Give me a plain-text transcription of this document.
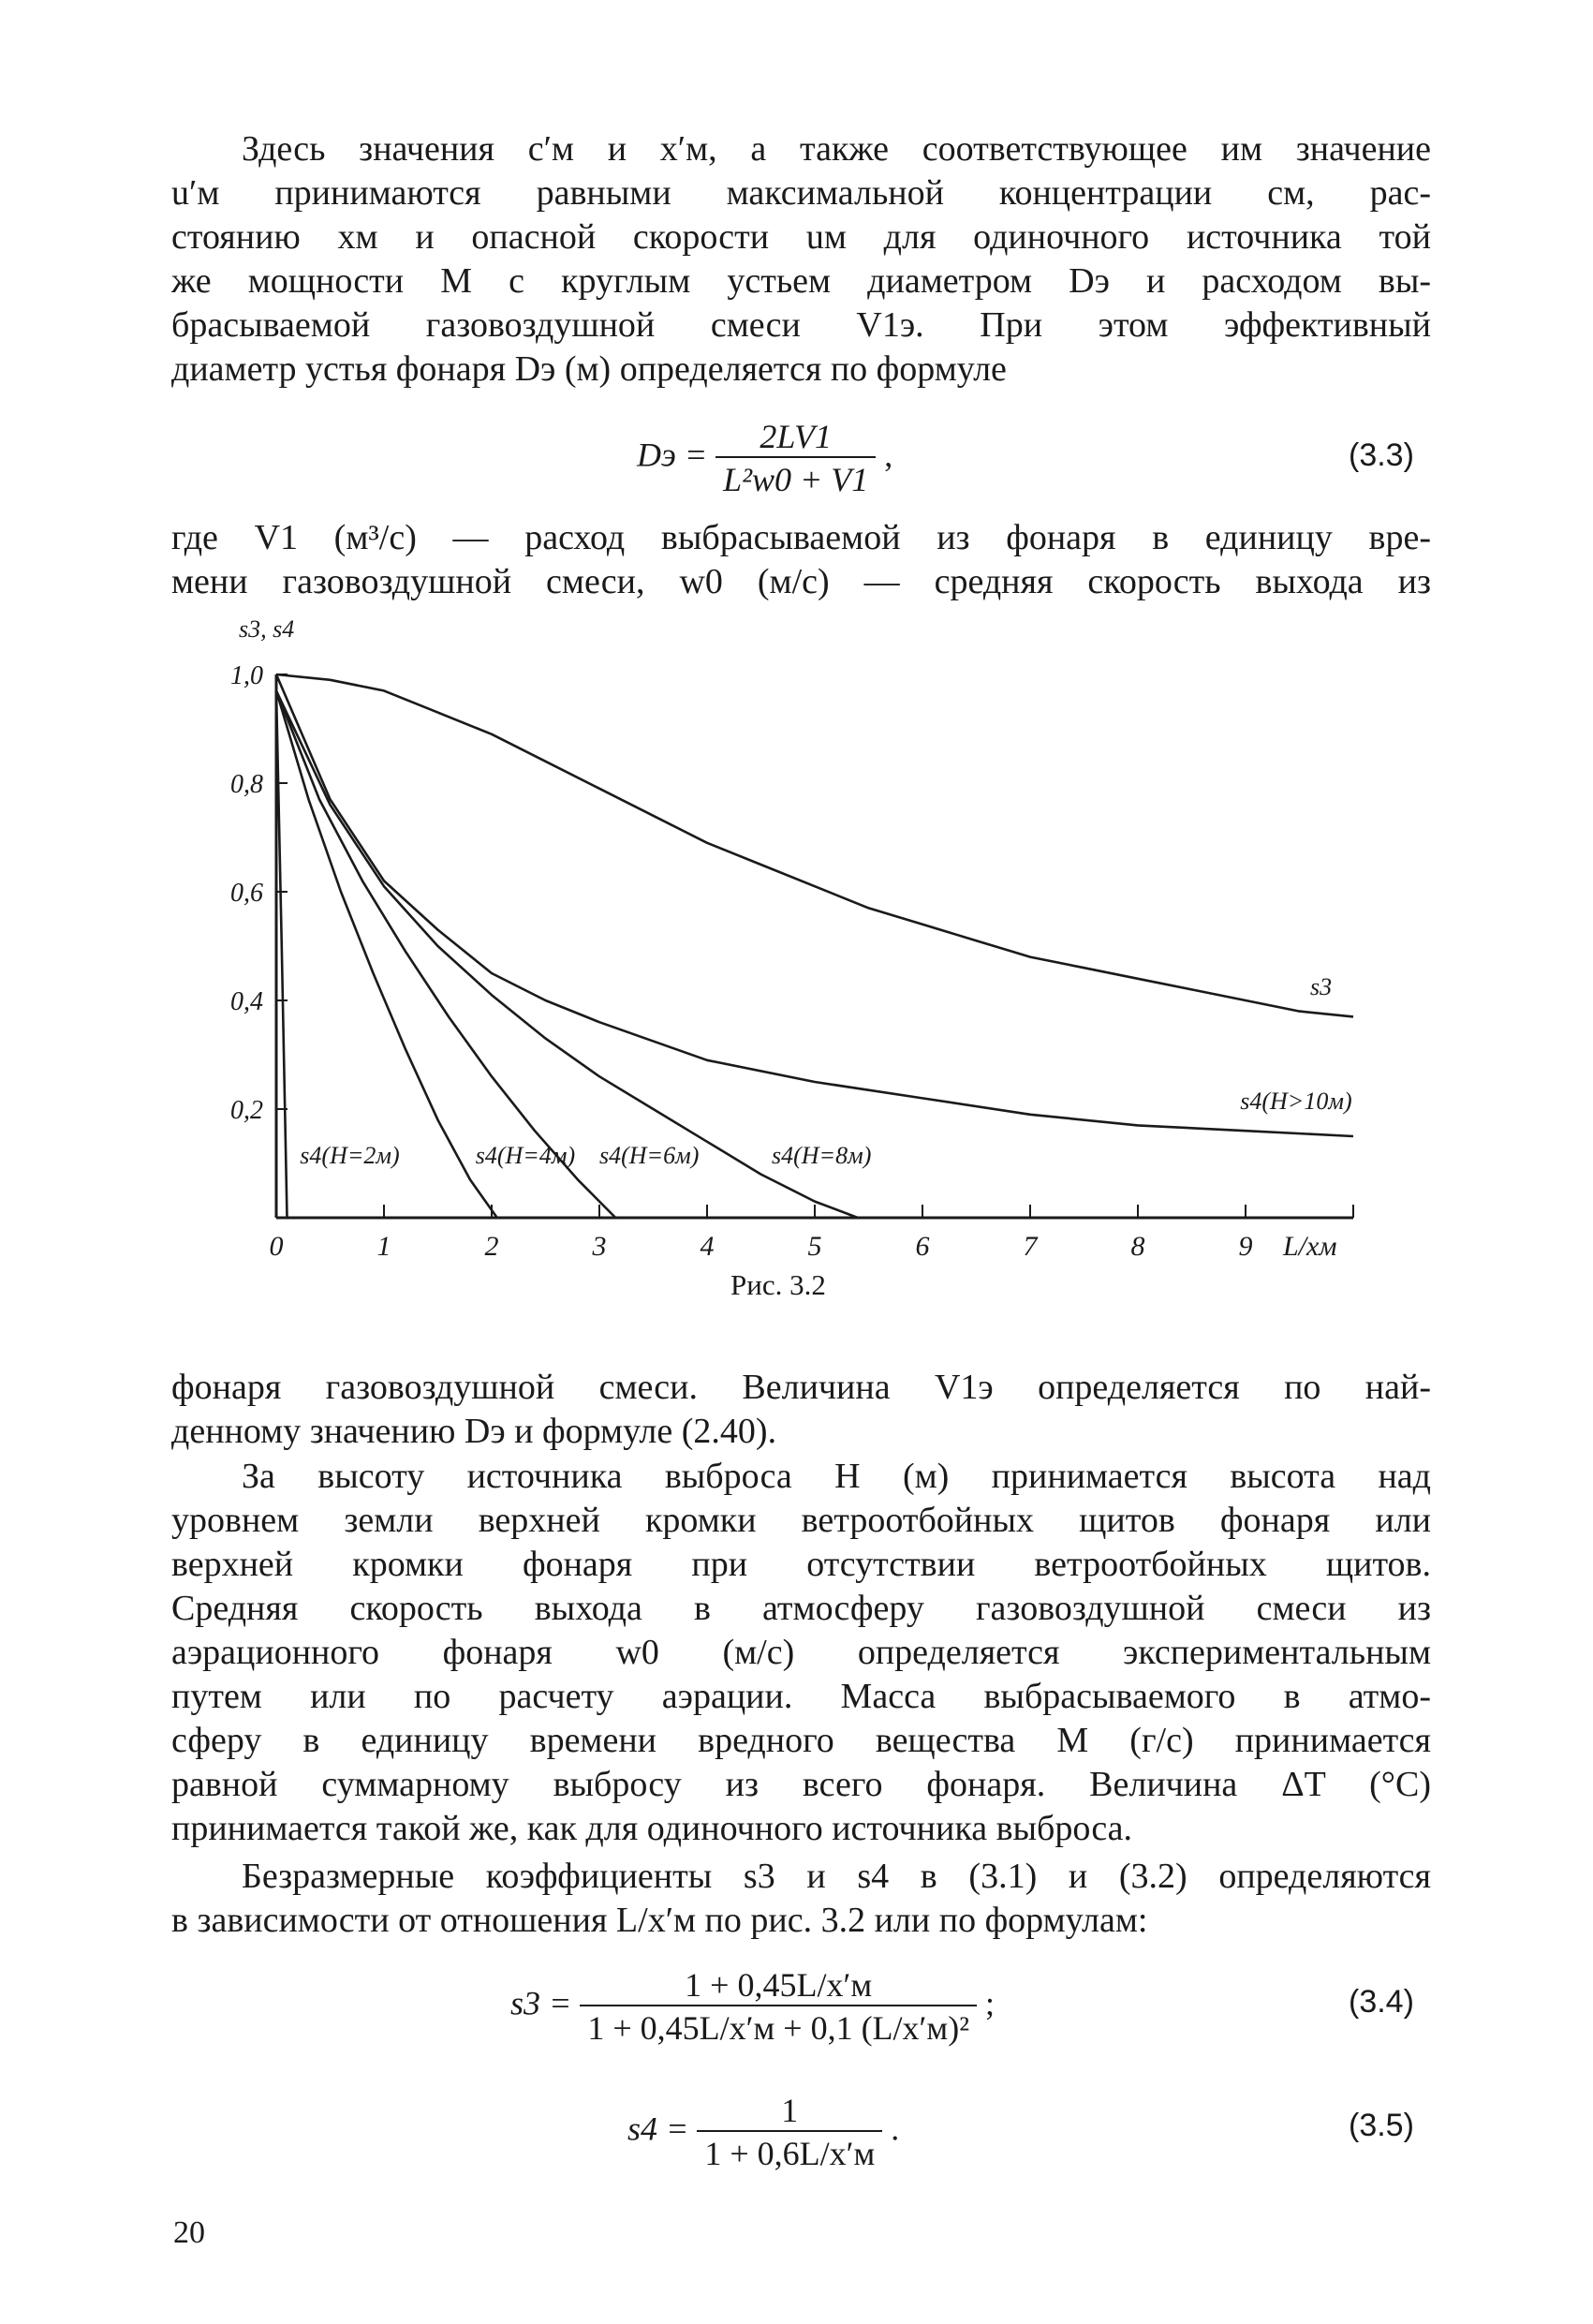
Здесь значения c′м и x′м, а также соответствующее им значение
u′м принимаются равными максимальной концентрации cм, рас-
стоянию xм и опасной скорости uм для одиночного источника той
же мощности M с круглым устьем диаметром Dэ и расходом вы-
брасываемой газовоздушной смеси V1э. При этом эффективный
диаметр устья фонаря Dэ (м) определяется по формуле

Dэ = $\frac{2LV1}{\text{L²w0 + V1}}$ ,	(3.3)

где V1 (м³/с) — расход выбрасываемой из фонаря в единицу вре-
мени газовоздушной смеси, w0 (м/с) — средняя скорость выхода из

0	1	2	3	4	5	6	7	8	9
0,2
0,4
0,6
0,8
1,0
s3, s4
L/xм
s3
s4(H>10м)
s4(H=2м)	s4(H=4м) s4(H=6м)	s4(H=8м)
Рис. 3.2

фонаря газовоздушной смеси. Величина V1э определяется по най-
денному значению Dэ и формуле (2.40).

За высоту источника выброса H (м) принимается высота над
уровнем земли верхней кромки ветроотбойных щитов фонаря или
верхней кромки фонаря при отсутствии ветроотбойных щитов.
Средняя скорость выхода в атмосферу газовоздушной смеси из
аэрационного фонаря w0 (м/с) определяется экспериментальным
путем или по расчету аэрации. Масса выбрасываемого в атмо-
сферу в единицу времени вредного вещества M (г/с) принимается
равной суммарному выбросу из всего фонаря. Величина ΔT (°C)
принимается такой же, как для одиночного источника выброса.

Безразмерные коэффициенты s3 и s4 в (3.1) и (3.2) определяются
в зависимости от отношения L/x′м по рис. 3.2 или по формулам:

$s3 = \frac{1 + 0,45L/x'м}{\text{1 + 0,45L/x′м + 0,1 (L/x′м)²}}$ ;	(3.4)
$s4 = \frac{1}{1 + 0,6L/x'м}$ .	(3.5)
20
